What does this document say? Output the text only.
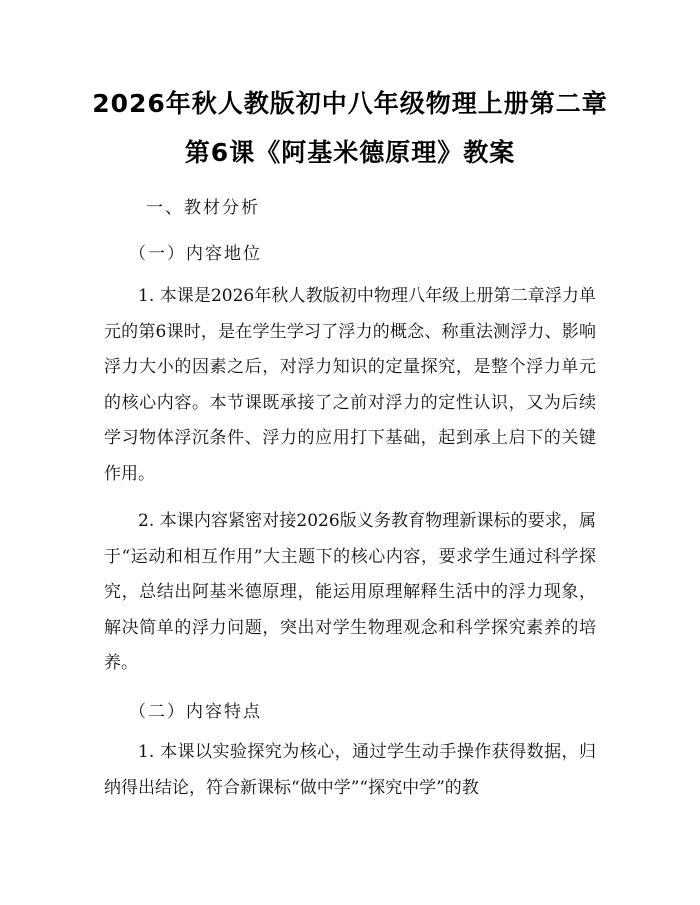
2026年秋人教版初中八年级物理上册第二章
第6课《阿基米德原理》教案
一、教材分析
（一）内容地位

1. 本课是2026年秋人教版初中物理八年级上册第二章浮力单元的第6课时，是在学生学习了浮力的概念、称重法测浮力、影响浮力大小的因素之后，对浮力知识的定量探究，是整个浮力单元的核心内容。本节课既承接了之前对浮力的定性认识，又为后续学习物体浮沉条件、浮力的应用打下基础，起到承上启下的关键作用。

2. 本课内容紧密对接2026版义务教育物理新课标的要求，属于“运动和相互作用”大主题下的核心内容，要求学生通过科学探究，总结出阿基米德原理，能运用原理解释生活中的浮力现象，解决简单的浮力问题，突出对学生物理观念和科学探究素养的培养。

（二）内容特点

1. 本课以实验探究为核心，通过学生动手操作获得数据，归纳得出结论，符合新课标“做中学”“探究中学”的教
